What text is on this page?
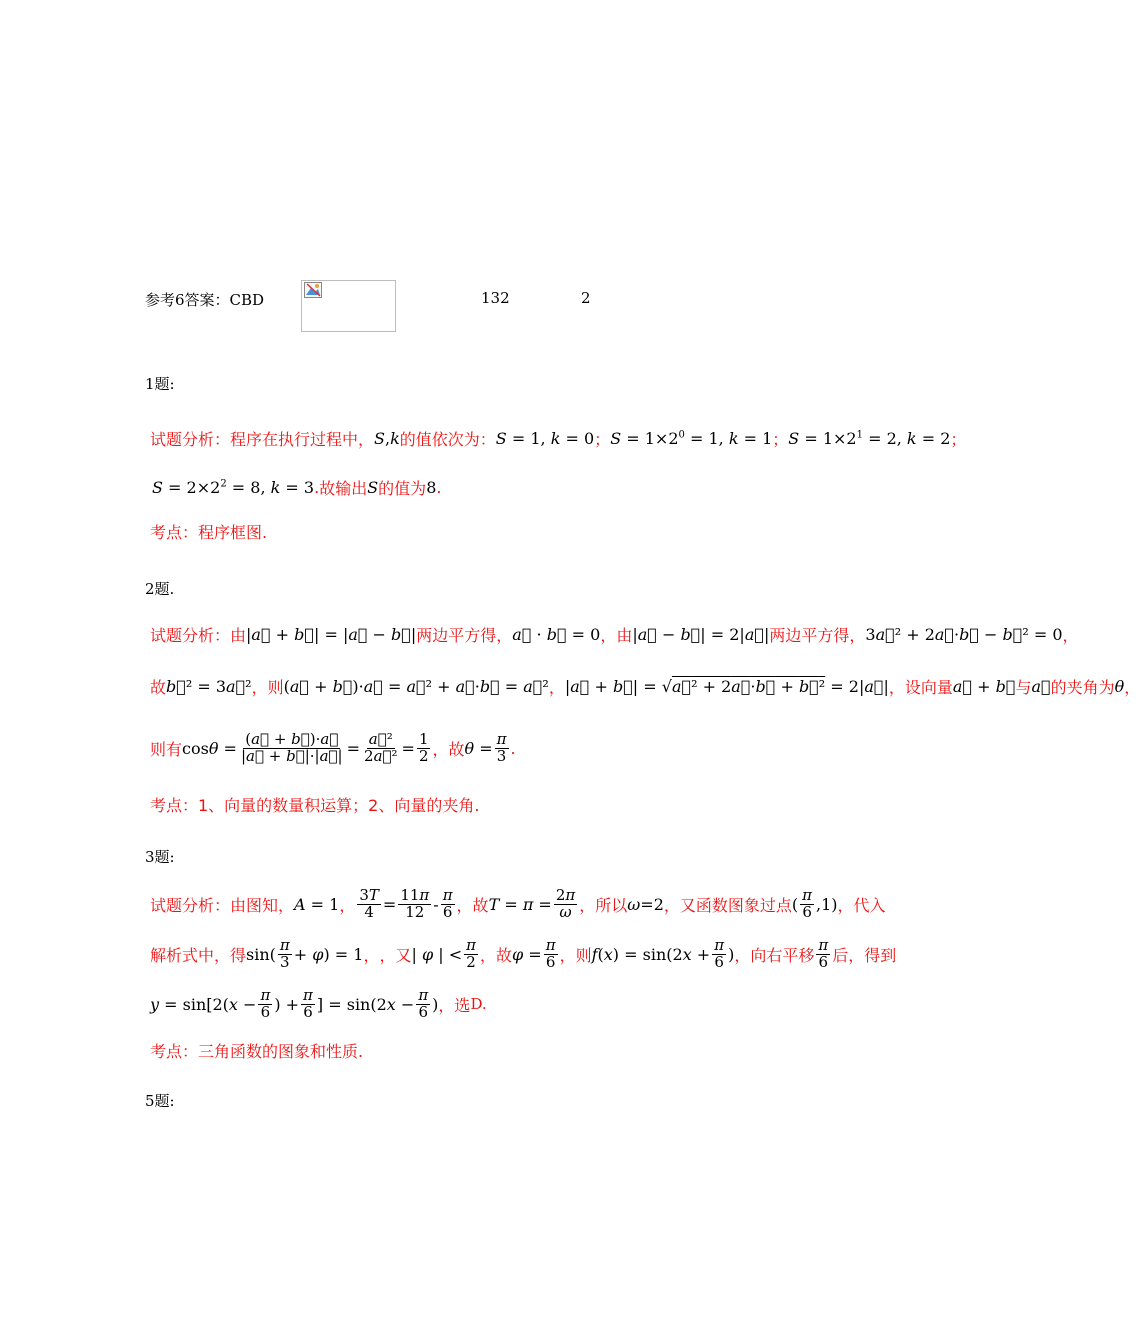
参考6答案：CBD	132	2
1题:
试题分析：程序在执行过程中， S,k 的值依次为： S = 1, k = 0 ； $S = 1\times 2^0 = 1$, k = 1 ； $S = 1\times 2^1 = 2$, k = 2 ；
$S = 2\times 2^2 = 8$, k = 3 . 故输出 S 的值为 8 .
考点：程序框图.
2题.
试题分析：由 |a⃗ + b⃗| = |a⃗ − b⃗| 两边平方得， a⃗ · b⃗ = 0 ，由 |a⃗ − b⃗| = 2|a⃗| 两边平方得， 3a⃗² + 2a⃗·b⃗ − b⃗² = 0 ，
故 b⃗² = 3a⃗² ，则 (a⃗ + b⃗)·a⃗ = a⃗² + a⃗·b⃗ = a⃗² ， |a⃗ + b⃗| = √a⃗² + 2a⃗·b⃗ + b⃗² = 2|a⃗| ，设向量 a⃗ + b⃗ 与 a⃗ 的夹角为 θ ，
则有 $\cos\theta = \frac{(a⃗ + b⃗)\cdot a⃗}{|a⃗ + b⃗|\cdot|a⃗|} = \frac{\text{a⃗²}}{\text{2a⃗²}} = \frac{1}{2}$ ，故 $\theta = \frac{\pi}{3}$ .
考点：1、向量的数量积运算；2、向量的夹角.
3题:
试题分析：由图知， A = 1 ， $\frac{3T}{4} = \frac{11\pi}{12} - \frac{\pi}{6}$ ，故 $T = \pi = \frac{2\pi}{\omega}$ ，所以 ω=2 ，又函数图象过点 ( $\frac{\pi}{6} ,1$) ，代入
解析式中，得 $\sin( \frac{\pi}{3} + \varphi) = 1$ ， ，又 | φ | < $\frac{\pi}{2}$ ，故 $\varphi = \frac{\pi}{6}$ ，则 $f(x) = \sin(2x + \frac{\pi}{6}$ ) ，向右平移 $\frac{\pi}{6}$ 后，得到
$y = \sin[2(x - \frac{\pi}{6}$ ) + $\frac{\pi}{6}$ ] = $\sin(2x - \frac{\pi}{6}$ ) ，选 D.
考点：三角函数的图象和性质.
5题:
